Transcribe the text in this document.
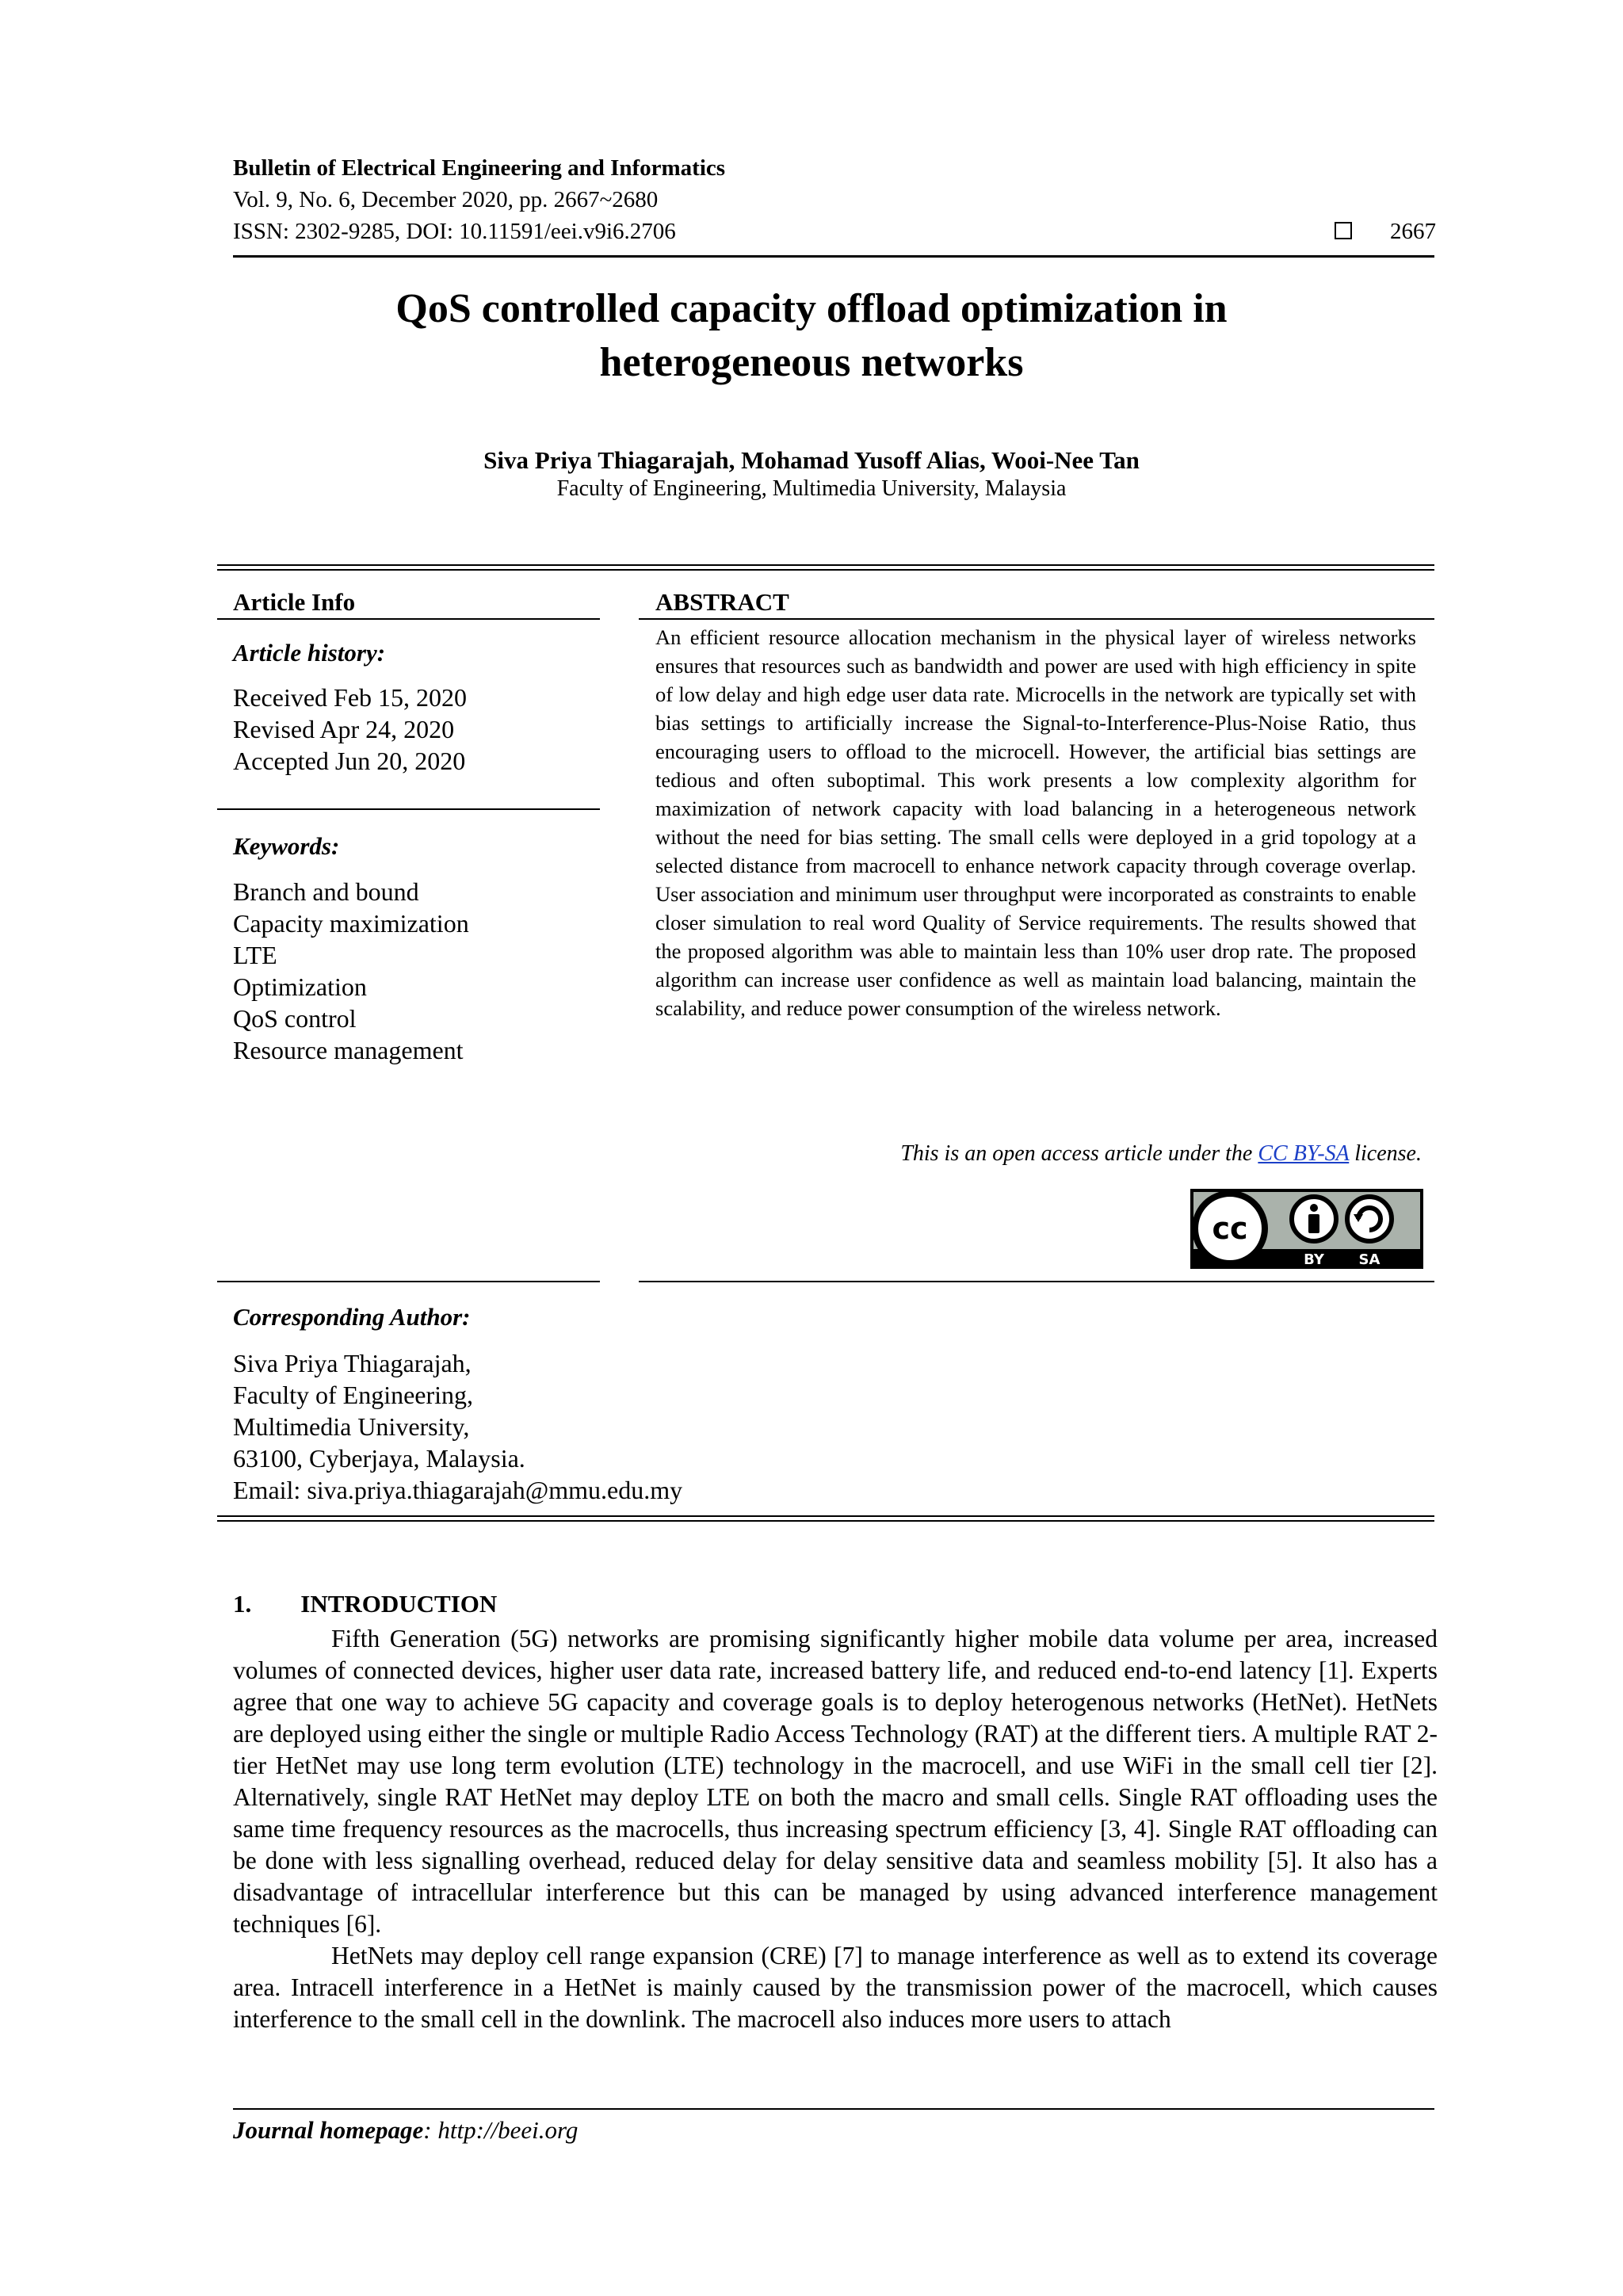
Bulletin of Electrical Engineering and Informatics
Vol. 9, No. 6, December 2020, pp. 2667~2680
ISSN: 2302-9285, DOI: 10.11591/eei.v9i6.2706	2667
QoS controlled capacity offload optimization in
heterogeneous networks
Siva Priya Thiagarajah, Mohamad Yusoff Alias, Wooi-Nee Tan
Faculty of Engineering, Multimedia University, Malaysia
Article Info
Article history:
Received Feb 15, 2020
Revised Apr 24, 2020
Accepted Jun 20, 2020
Keywords:
Branch and bound
Capacity maximization
LTE
Optimization
QoS control
Resource management
ABSTRACT
An efficient resource allocation mechanism in the physical layer of wireless networks ensures that resources such as bandwidth and power are used with high efficiency in spite of low delay and high edge user data rate. Microcells in the network are typically set with bias settings to artificially increase the Signal-to-Interference-Plus-Noise Ratio, thus encouraging users to offload to the microcell. However, the artificial bias settings are tedious and often suboptimal. This work presents a low complexity algorithm for maximization of network capacity with load balancing in a heterogeneous network without the need for bias setting. The small cells were deployed in a grid topology at a selected distance from macrocell to enhance network capacity through coverage overlap. User association and minimum user throughput were incorporated as constraints to enable closer simulation to real word Quality of Service requirements. The results showed that the proposed algorithm was able to maintain less than 10% user drop rate. The proposed algorithm can increase user confidence as well as maintain load balancing, maintain the scalability, and reduce power consumption of the wireless network.
This is an open access article under the CC BY-SA license.
cc
BY SA
Corresponding Author:
Siva Priya Thiagarajah,
Faculty of Engineering,
Multimedia University,
63100, Cyberjaya, Malaysia.
Email: siva.priya.thiagarajah@mmu.edu.my
1.  INTRODUCTION

Fifth Generation (5G) networks are promising significantly higher mobile data volume per area, increased volumes of connected devices, higher user data rate, increased battery life, and reduced end-to-end latency [1]. Experts agree that one way to achieve 5G capacity and coverage goals is to deploy heterogenous networks (HetNet). HetNets are deployed using either the single or multiple Radio Access Technology (RAT) at the different tiers. A multiple RAT 2-tier HetNet may use long term evolution (LTE) technology in the macrocell, and use WiFi in the small cell tier [2]. Alternatively, single RAT HetNet may deploy LTE on both the macro and small cells. Single RAT offloading uses the same time frequency resources as the macrocells, thus increasing spectrum efficiency [3, 4]. Single RAT offloading can be done with less signalling overhead, reduced delay for delay sensitive data and seamless mobility [5]. It also has a disadvantage of intracellular interference but this can be managed by using advanced interference management techniques [6].

HetNets may deploy cell range expansion (CRE) [7] to manage interference as well as to extend its coverage area. Intracell interference in a HetNet is mainly caused by the transmission power of the macrocell, which causes interference to the small cell in the downlink. The macrocell also induces more users to attach

Journal homepage: http://beei.org
